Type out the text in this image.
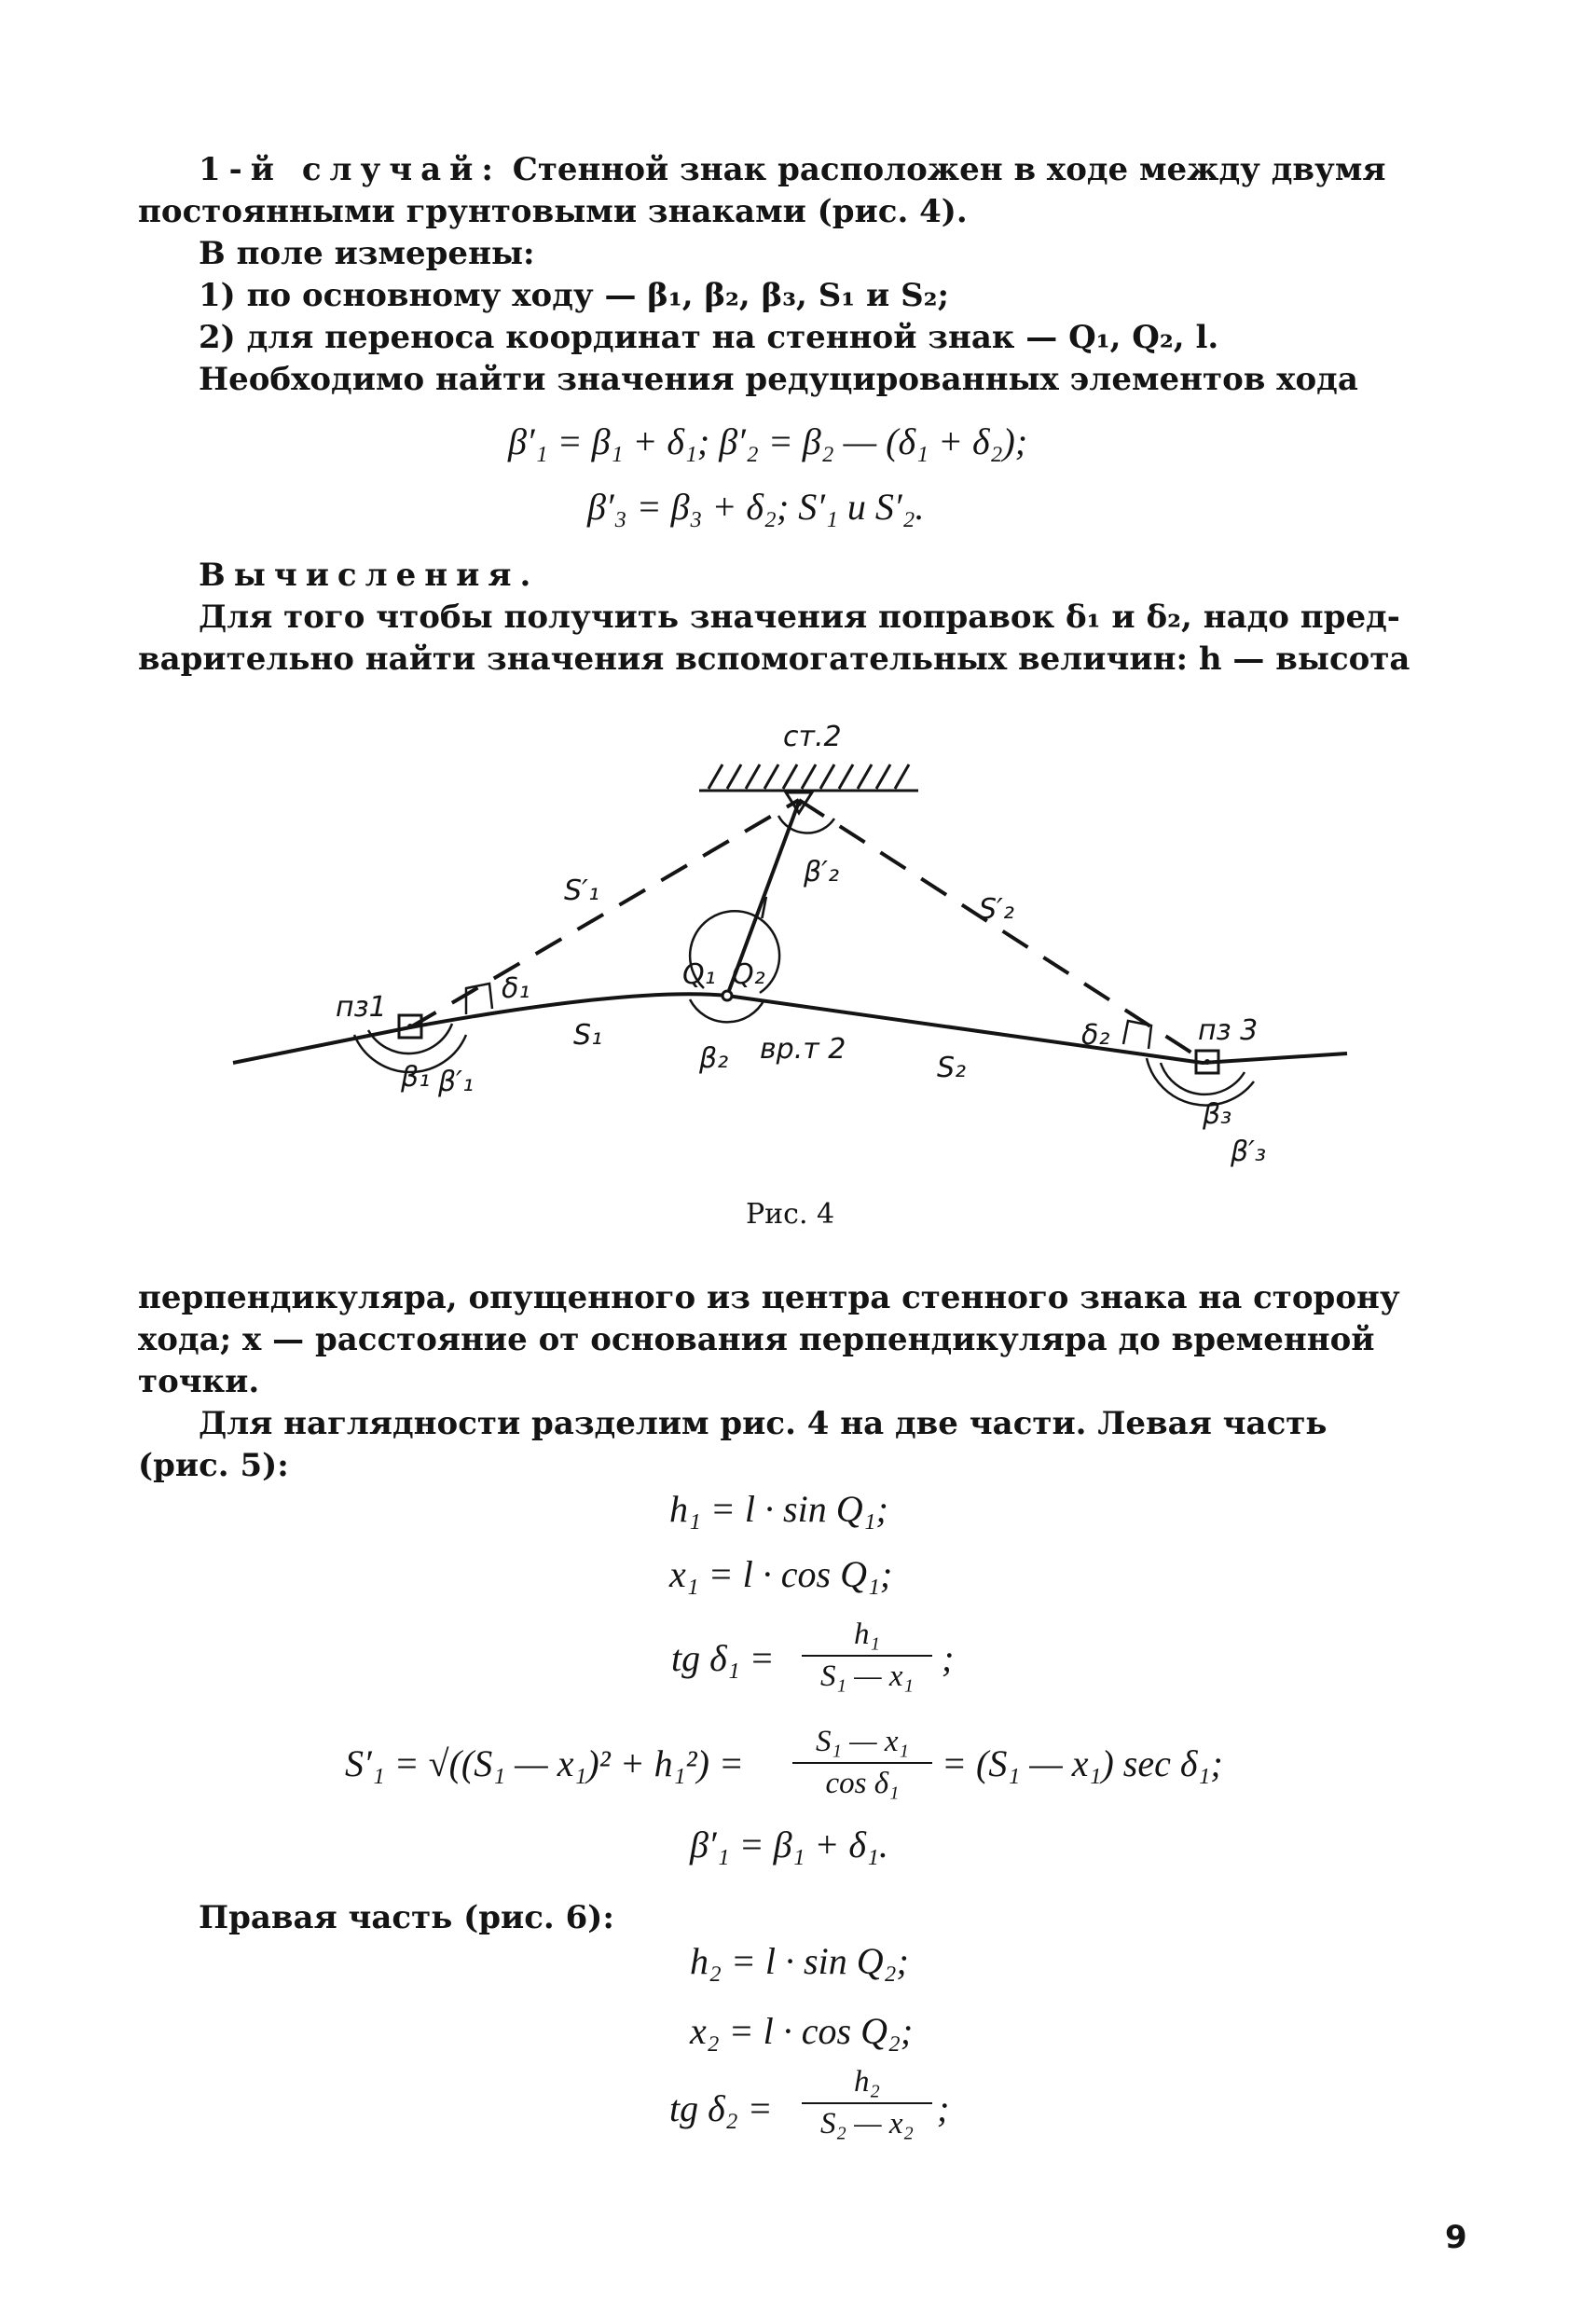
1-й случай: Стенной знак расположен в ходе между двумя
постоянными грунтовыми знаками (рис. 4).
В поле измерены:
1) по основному ходу — β₁, β₂, β₃, S₁ и S₂;
2) для переноса координат на стенной знак — Q₁, Q₂, l.
Необходимо найти значения редуцированных элементов хода
β′₁ = β₁ + δ₁; β′₂ = β₂ — (δ₁ + δ₂);
β′₃ = β₃ + δ₂; S′₁ и S′₂.
Вычисления.
Для того чтобы получить значения поправок δ₁ и δ₂, надо пред-
варительно найти значения вспомогательных величин: h — высота
ст.2
S′₁
S′₂
β′₂
l
Q₁ Q₂
δ₁
δ₂
пз1
пз 3
S₁
S₂
β₁ β′₁
β₂ вр.т 2
β₃
β′₃
Рис. 4
перпендикуляра, опущенного из центра стенного знака на сторону
хода; x — расстояние от основания перпендикуляра до временной
точки.
Для наглядности разделим рис. 4 на две части. Левая часть
(рис. 5):
h₁ = l · sin Q₁;
x₁ = l · cos Q₁;
tg δ₁ =
h₁
S₁ — x₁ ;
S′₁ = √((S₁ — x₁)² + h₁²) =
S₁ — x₁
cos δ₁	= (S₁ — x₁) sec δ₁;
β′₁ = β₁ + δ₁.
Правая часть (рис. 6):
h₂ = l · sin Q₂;
x₂ = l · cos Q₂;
tg δ₂ =
h₂
S₂ — x₂ ;
9
